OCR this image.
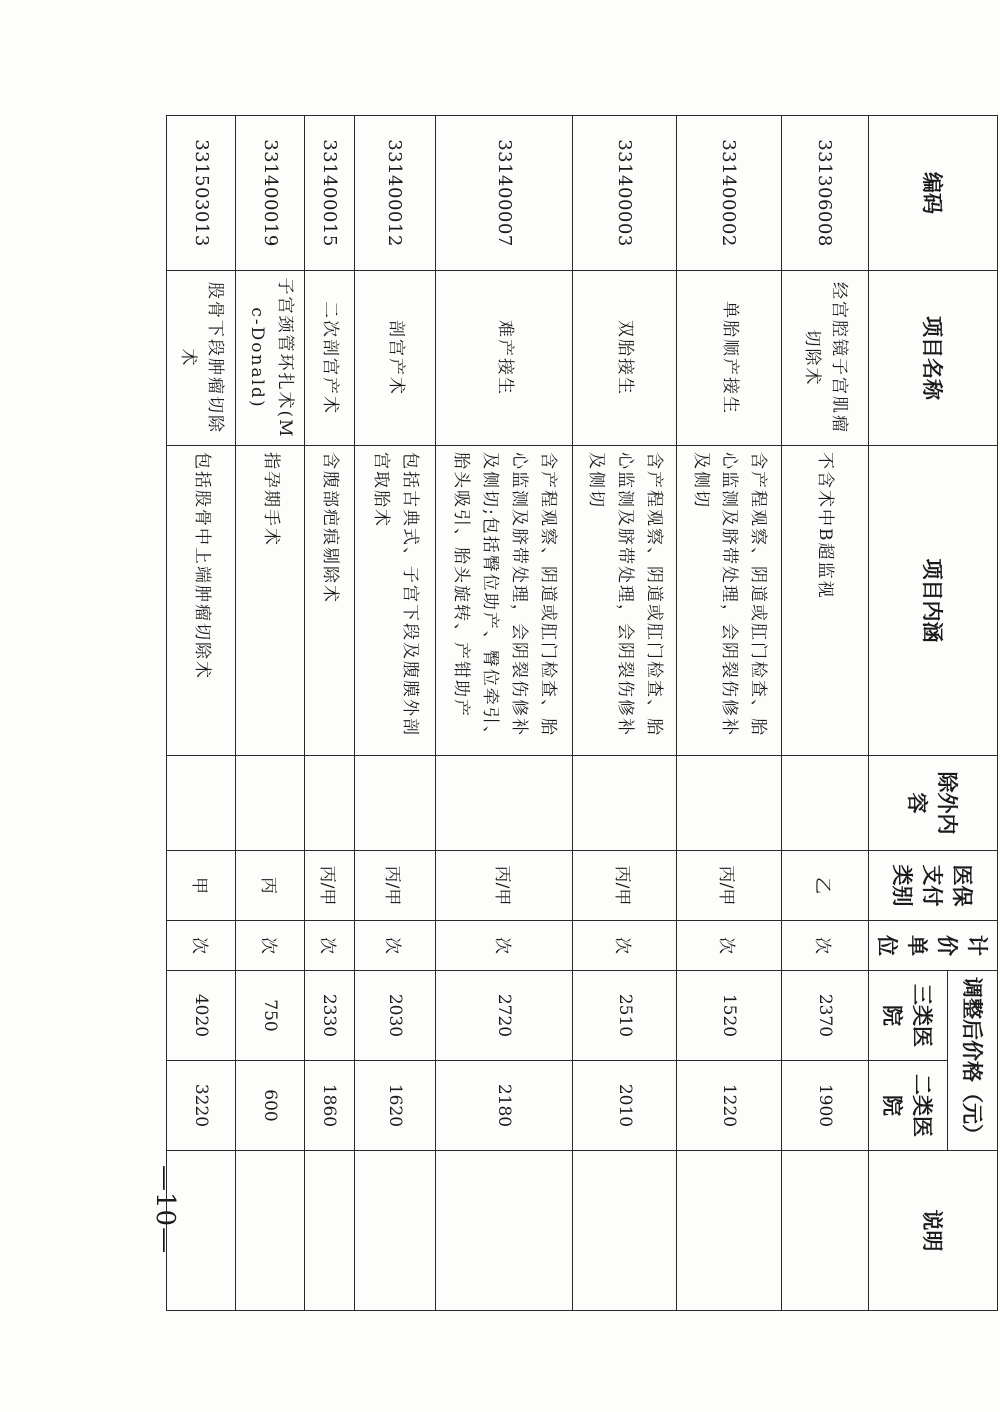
—10—
编码	项目名称	项目内涵	除外内容	医保支付类别	计价单位	调整后价格（元）		说明
						三类医院	二类医院	
331306008	经宫腔镜子宫肌瘤切除术	不含术中B超监视		乙	次	2370	1900	
331400002	单胎顺产接生	含产程观察、阴道或肛门检查、胎心监测及脐带处理，会阴裂伤修补及侧切		丙/甲	次	1520	1220	
331400003	双胎接生	含产程观察、阴道或肛门检查、胎心监测及脐带处理，会阴裂伤修补及侧切		丙/甲	次	2510	2010	
331400007	难产接生	含产程观察、阴道或肛门检查、胎心监测及脐带处理，会阴裂伤修补及侧切;包括臀位助产、臀位牵引、胎头吸引、胎头旋转、产钳助产		丙/甲	次	2720	2180	
331400012	剖宫产术	包括古典式、子宫下段及腹膜外剖宫取胎术		丙/甲	次	2030	1620	
331400015	二次剖宫产术	含腹部疤痕剔除术		丙/甲	次	2330	1860	
331400019	子宫颈管环扎术(Mc-Donald)	指孕期手术		丙	次	750	600	
331503013	股骨下段肿瘤切除术	包括股骨中上端肿瘤切除术		甲	次	4020	3220	
